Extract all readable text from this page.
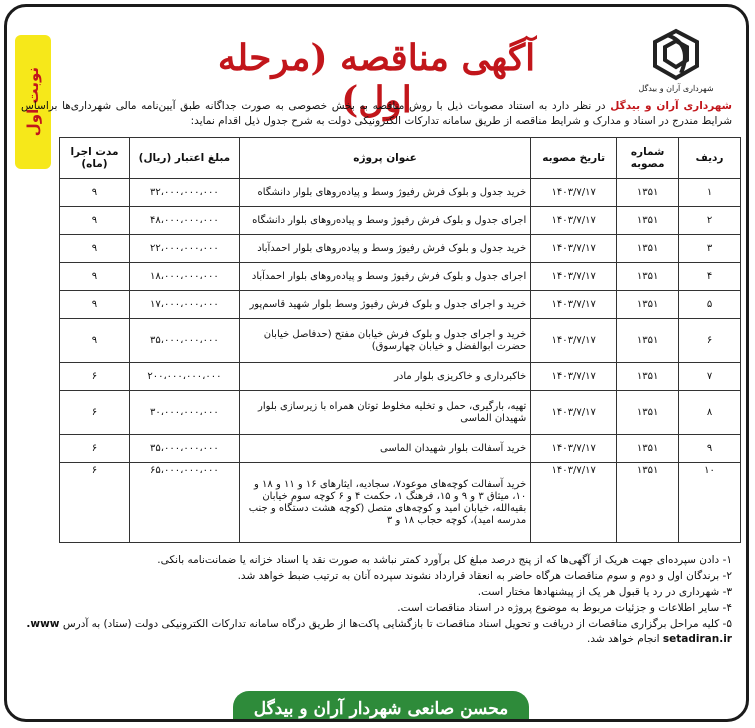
نوبت اول	شهرداری آران و بیدگل
آگهی مناقصه (مرحله اول)	شهرداری آران و بیدگل در نظر دارد به استناد مصوبات ذیل با روش مناقصه به بخش خصوصی به صورت جداگانه طبق آیین‌نامه مالی شهرداری‌ها براساس شرایط مندرج در اسناد و مدارک و شرایط مناقصه از طریق سامانه تدارکات الکترونیکی دولت به شرح جدول ذیل اقدام نماید:
ردیف	شماره مصوبه	تاریخ مصوبه	عنوان پروژه	مبلغ اعتبار (ریال)	مدت اجرا (ماه)
۱	۱۳۵۱	۱۴۰۳/۷/۱۷	خرید جدول و بلوک فرش رفیوژ وسط و پیاده‌روهای بلوار دانشگاه	۳۲،۰۰۰،۰۰۰،۰۰۰	۹
۲	۱۳۵۱	۱۴۰۳/۷/۱۷	اجرای جدول و بلوک فرش رفیوژ وسط و پیاده‌روهای بلوار دانشگاه	۴۸،۰۰۰،۰۰۰،۰۰۰	۹
۳	۱۳۵۱	۱۴۰۳/۷/۱۷	خرید جدول و بلوک فرش رفیوژ وسط و پیاده‌روهای بلوار احمدآباد	۲۲،۰۰۰،۰۰۰،۰۰۰	۹
۴	۱۳۵۱	۱۴۰۳/۷/۱۷	اجرای جدول و بلوک فرش رفیوژ وسط و پیاده‌روهای بلوار احمدآباد	۱۸،۰۰۰،۰۰۰،۰۰۰	۹
۵	۱۳۵۱	۱۴۰۳/۷/۱۷	خرید و اجرای جدول و بلوک فرش رفیوژ وسط بلوار شهید قاسم‌پور	۱۷،۰۰۰،۰۰۰،۰۰۰	۹
۶	۱۳۵۱	۱۴۰۳/۷/۱۷	خرید و اجرای جدول و بلوک فرش خیابان مفتح (حدفاصل خیابان حضرت ابوالفضل و خیابان چهارسوق)	۳۵،۰۰۰،۰۰۰،۰۰۰	۹
۷	۱۳۵۱	۱۴۰۳/۷/۱۷	خاکبرداری و خاکریزی بلوار مادر	۲۰۰،۰۰۰،۰۰۰،۰۰۰	۶
۸	۱۳۵۱	۱۴۰۳/۷/۱۷	تهیه، بارگیری، حمل و تخلیه مخلوط توتان همراه با زیرسازی بلوار شهیدان الماسی	۳۰،۰۰۰،۰۰۰،۰۰۰	۶
۹	۱۳۵۱	۱۴۰۳/۷/۱۷	خرید آسفالت بلوار شهیدان الماسی	۳۵،۰۰۰،۰۰۰،۰۰۰	۶
۱۰	۱۳۵۱	۱۴۰۳/۷/۱۷	خرید آسفالت کوچه‌های موعود۷، سجادیه، ایثارهای ۱۶ و ۱۱ و ۱۸ و ۱۰، میثاق ۳ و ۹ و ۱۵، فرهنگ ۱، حکمت ۴ و ۶ کوچه سوم خیابان بقیه‌الله، خیابان امید و کوچه‌های متصل (کوچه هشت دستگاه و جنب مدرسه امید)، کوچه حجاب ۱۸ و ۳	۶۵،۰۰۰،۰۰۰،۰۰۰	۶
۱- دادن سپرده‌ای جهت هریک از آگهی‌ها که از پنج درصد مبلغ کل برآورد کمتر نباشد به صورت نقد یا اسناد خزانه یا ضمانت‌نامه بانکی.
۲- برندگان اول و دوم و سوم مناقصات هرگاه حاضر به انعقاد قرارداد نشوند سپرده آنان به ترتیب ضبط خواهد شد.
۳- شهرداری در رد یا قبول هر یک از پیشنهادها مختار است.
۴- سایر اطلاعات و جزئیات مربوط به موضوع پروژه در اسناد مناقصات است.
۵- کلیه مراحل برگزاری مناقصات از دریافت و تحویل اسناد مناقصات تا بازگشایی پاکت‌ها از طریق درگاه سامانه تدارکات الکترونیکی دولت (ستاد) به آدرس www.
setadiran.ir انجام خواهد شد.
محسن صانعی شهردار آران و بیدگل
